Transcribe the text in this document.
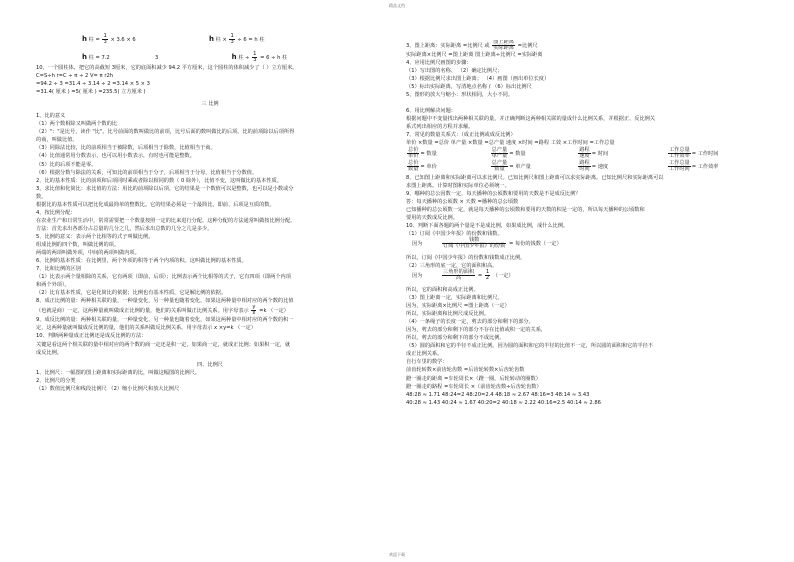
精品文档
h 柱 = $\frac{1}{3} \times 3.6 \times 6$	h 柱 × $\frac{1}{3} \div 6 = h$ 柱
h 柱 = 7.2	3	h 柱 ÷ $\frac{1}{3} = 6 \div h$ 柱
10、一个圆柱体，把它的高截短 3厘米，它的底面积减少 94.2 平方厘米，这个圆柱的体积减少了（ ）立方厘米。
C=S÷h r=C ÷ π ÷ 2 V= π r2h
=94.2 ÷ 3 =31.4 ÷ 3.14 ÷ 2 =3.14 × 5 × 3
=31.4( 厘米 ) =5( 厘米 ) =235.5( 立方厘米 )
三 比例
1、比的意义
（1）两个数相除又叫做两个数的比
（2）"："是比号，读作 "比"。比号前面的数叫做比的前项，比号后面的数叫做比的后项。比的前项除以后项所得
的商，叫做比值。
（3）同除法比较，比的前项相当于被除数，后项相当于除数，比值相当于商。
（4）比值通常用分数表示，也可以用小数表示，有时也可能是整数。
（5）比的后项不能是零。
（6）根据分数与除法的关系，可知比的前项相当于分子，后项相当于分母，比值相当于分数值。
2、比的基本性质：比的前项和后项同时乘或者除以相同的数（ 0 除外），比值不变，这叫做比的基本性质。
3、求比值和化简比：求比值的方法：用比的前项除以后项，它的结果是一个数值可以是整数，也可以是小数或分
数。
根据比的基本性质可以把比化成最简单的整数比。它的结果必须是一个最简比，即前、后项是互质的数。
4、按比例分配：
在农业生产和日常生活中，常常需要把一个数量按照一定的比来进行分配。这种分配的方法通常叫做按比例分配。
方法：首先求出各部分占总量的几分之几，然后求出总数的几分之几是多少。
5、比例的意义：表示两个比相等的式子叫做比例。
组成比例的四个数，叫做比例的项。
两端的两项叫做外项，中间的两项叫做内项。
6、比例的基本性质：在比例里，两个外项的积等于两个内项的积。这叫做比例的基本性质。
7、比和比例的区别
（1）比表示两个量相除的关系，它有两项（即前、后项）；比例表示两个比相等的式子，它有四项（即两个内项
和两个外项）。
（2）比有基本性质，它是化简比的依据；比例也有基本性质，它是解比例的依据。
8、成正比例的量：两种相关联的量，一种量变化，另一种量也随着变化，如果这两种量中相对应的两个数的比值
（也就是商）一定，这两种量就叫做成正比例的量，他们的关系叫做正比例关系。用字母表示 $\frac{y}{x} =k$ （一定）
9、成反比例的量：两种相关联的量，一种量变化，另一种量也随着变化，如果这两种量中相对应的两个数的积一
定，这两种量就叫做成反比例的量，他们的关系叫做反比例关系。用字母表示 x ×y=k （一定）
10、判断两种量成正比例还是成反比例的方法：
关键是看这两个相关联的量中相对应的两个数的商一定还是积一定，如果商一定，就成正比例；如果积一定，就
成反比例。
四、比例尺
1、比例尺：一幅图的图上距离和实际距离的比，叫做这幅图的比例尺。
2、比例尺的分类
（1）数值比例尺和线段比例尺 （2）缩小比例尺和放大比例尺
3、图上距离：实际距离 =比例尺 或 $\frac{\text{图上距离}}{\text{实际距离}}$ =比例尺
实际距离×比例尺 =图上距离 图上距离÷比例尺 =实际距离
4、应用比例尺画图的步骤：
（1）写出图的名称、 （2）确定比例尺；
（3）根据比例尺求出图上距离； （4）画图（画出单位长度）
（5）标出实际距离，写清地点名称 / （6）标出比例尺
5、图形的放大与缩小：形状相同，大小不同。
6、用比例解决问题：
根据问题中不变量找出两种相关联的量，并正确判断这两种相关联的量成什么比例关系，并根据正、反比例关
系式列出相应的方程并求解。
7、常见的数量关系式：（成正比例或成反比例）
单价 ×数量 =总价 单产量 ×数量 =总产量 速度 ×时间 =路程 工效 ×工作时间 =工作总量
$\frac{\text{总价}}{\text{单价}}$ = 数量	$\frac{\text{总产量}}{\text{单产量}}$ = 数量	$\frac{\text{路程}}{\text{速度}}$ = 时间	$\frac{\text{工作总量}}{\text{工作效率}}$ = 工作时间
$\frac{\text{总价}}{\text{数量}}$ = 单价	$\frac{\text{总产量}}{\text{数量}}$ = 单产量	$\frac{\text{路程}}{\text{时间}}$ = 速度	$\frac{\text{工作总量}}{\text{工作时间}}$ = 工作效率
8、已知图上距离和实际距离可以求比例尺。已知比例尺和图上距离可以求实际距离。已知比例尺和实际距离可以
求图上距离。计算时图和实际单位必须统一。
9、哪种的总公因数一定，每天播种的公顷数和要用的天数是不是成反比例？
答：每天播种的公顷数 × 天数 =播种的总公顷数
已知播种的总公顷数一定，就是每天播种的公顷数和要用的天数的积是一定的，所以每天播种的公顷数和
要用的天数成反比例。
10、判断下面各题的两个量是不是成比例，如果成比例，成什么比例。
（1）订阅《中国少年报》的份数和钱数。
因为	$\frac{\text{钱数}}{\text{订阅《中国少年报》的份数}}$ = 每份的钱数（一定）
所以，订阅《中国少年报》的份数和钱数成正比例。
（2）三角形的底一定，它的面积和高。
因为	$\frac{\text{三角形的面积}}{\text{高}} = \frac{1}{2}$ （一定）
所以，它的面积和高成正比例。
（3）图上距离一定，实际距离和比例尺。
因为，实际距离×比例尺 =图上距离（一定）
所以，实际距离和比例尺成反比例。
（4）一条绳子的长度一定，剪去的部分和剩下的部分。
因为，剪去的部分和剩下的部分不存在比值或积一定的关系，
所以，剪去的部分和剩下的部分不成比例。
（5）圆的面积和它的半径不成正比例。因为圆的面积和它的半径的比值不一定，所以圆的面积和它的半径不
成正比例关系。
自行车里的数学：
前齿轮转数×前齿轮齿数 =后齿轮转数×后齿轮齿数
蹬一圈走的距离 =车轮周长×（蹬一圈，后轮转动的圈数）
蹬一圈走的路程 =车轮周长 ×（前齿轮齿数÷后齿轮齿数）
48:28 ≈ 1.71 48:24=2 48:20=2.4 48:18 ≈ 2.67 48:16=3 48:14 ≈ 3.43
40:28 ≈ 1.43 40:24 ≈ 1.67 40:20=2 40:18 ≈ 2.22 40:16=2.5 40:14 ≈ 2.86
欢迎下载
